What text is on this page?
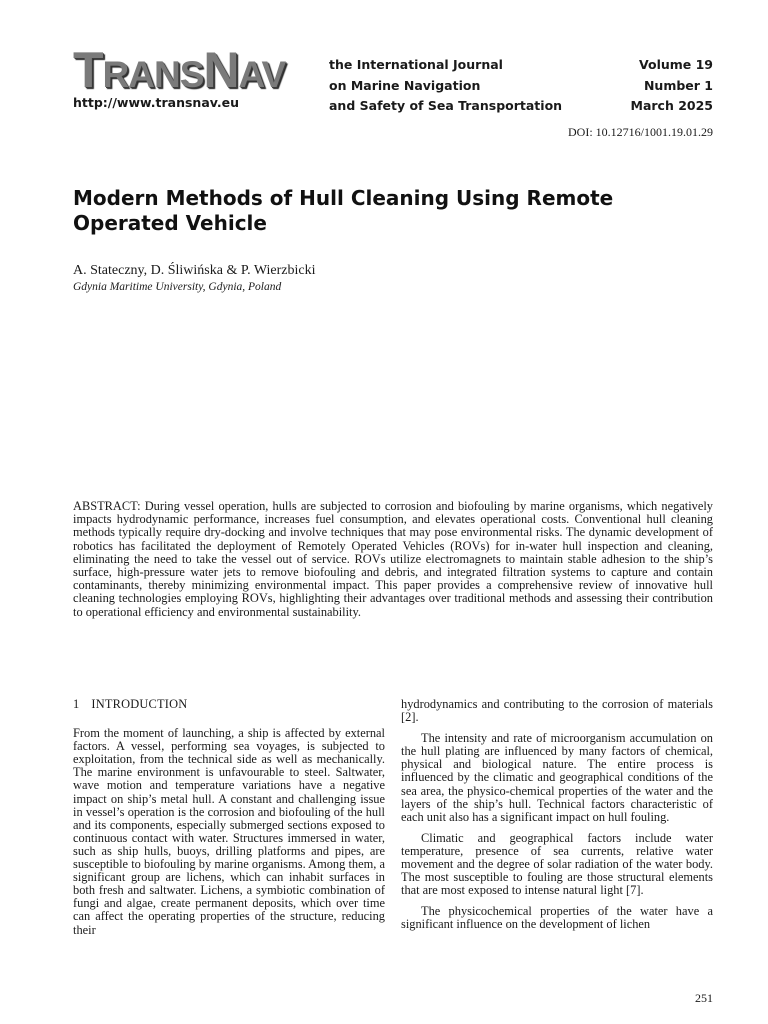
TRANSNAV
http://www.transnav.eu
the International Journal
on Marine Navigation
and Safety of Sea Transportation
Volume 19
Number 1
March 2025
DOI: 10.12716/1001.19.01.29
Modern Methods of Hull Cleaning Using Remote Operated Vehicle
A. Stateczny, D. Śliwińska & P. Wierzbicki
Gdynia Maritime University, Gdynia, Poland
ABSTRACT: During vessel operation, hulls are subjected to corrosion and biofouling by marine organisms, which negatively impacts hydrodynamic performance, increases fuel consumption, and elevates operational costs. Conventional hull cleaning methods typically require dry-docking and involve techniques that may pose environmental risks. The dynamic development of robotics has facilitated the deployment of Remotely Operated Vehicles (ROVs) for in-water hull inspection and cleaning, eliminating the need to take the vessel out of service. ROVs utilize electromagnets to maintain stable adhesion to the ship’s surface, high-pressure water jets to remove biofouling and debris, and integrated filtration systems to capture and contain contaminants, thereby minimizing environmental impact. This paper provides a comprehensive review of innovative hull cleaning technologies employing ROVs, highlighting their advantages over traditional methods and assessing their contribution to operational efficiency and environmental sustainability.
1 INTRODUCTION

From the moment of launching, a ship is affected by external factors. A vessel, performing sea voyages, is subjected to exploitation, from the technical side as well as mechanically. The marine environment is unfavourable to steel. Saltwater, wave motion and temperature variations have a negative impact on ship’s metal hull. A constant and challenging issue in vessel’s operation is the corrosion and biofouling of the hull and its components, especially submerged sections exposed to continuous contact with water. Structures immersed in water, such as ship hulls, buoys, drilling platforms and pipes, are susceptible to biofouling by marine organisms. Among them, a significant group are lichens, which can inhabit surfaces in both fresh and saltwater. Lichens, a symbiotic combination of fungi and algae, create permanent deposits, which over time can affect the operating properties of the structure, reducing their

hydrodynamics and contributing to the corrosion of materials [2].

The intensity and rate of microorganism accumulation on the hull plating are influenced by many factors of chemical, physical and biological nature. The entire process is influenced by the climatic and geographical conditions of the sea area, the physico-chemical properties of the water and the layers of the ship’s hull. Technical factors characteristic of each unit also has a significant impact on hull fouling.

Climatic and geographical factors include water temperature, presence of sea currents, relative water movement and the degree of solar radiation of the water body. The most susceptible to fouling are those structural elements that are most exposed to intense natural light [7].

The physicochemical properties of the water have a significant influence on the development of lichen

251
